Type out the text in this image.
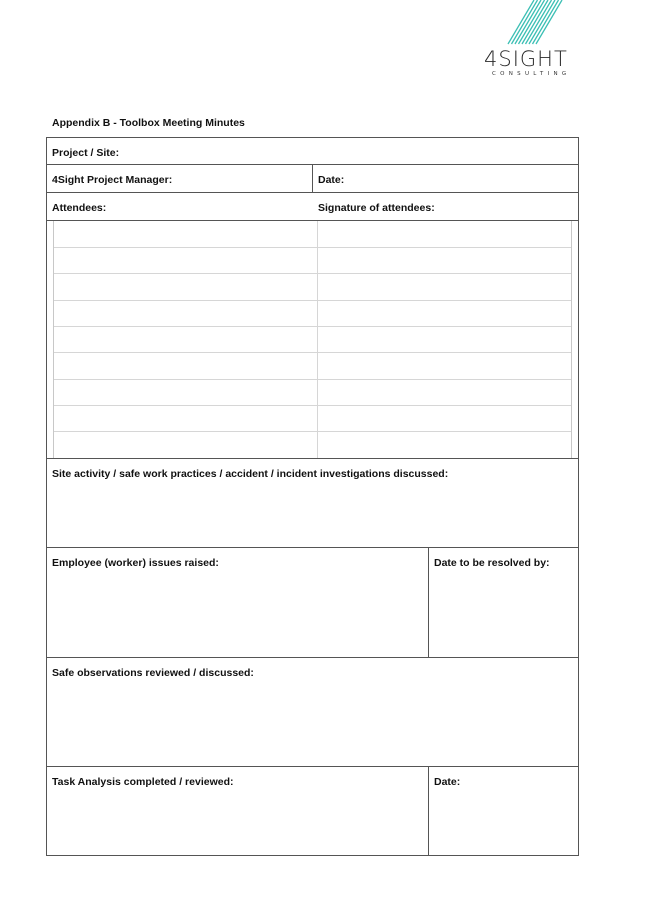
4SIGHT
CONSULTING
Appendix B - Toolbox Meeting Minutes
Project / Site:
4Sight Project Manager:	Date:
Attendees:	Signature of attendees:
Site activity / safe work practices / accident / incident investigations discussed:
Employee (worker) issues raised:	Date to be resolved by:
Safe observations reviewed / discussed:
Task Analysis completed / reviewed:	Date:
